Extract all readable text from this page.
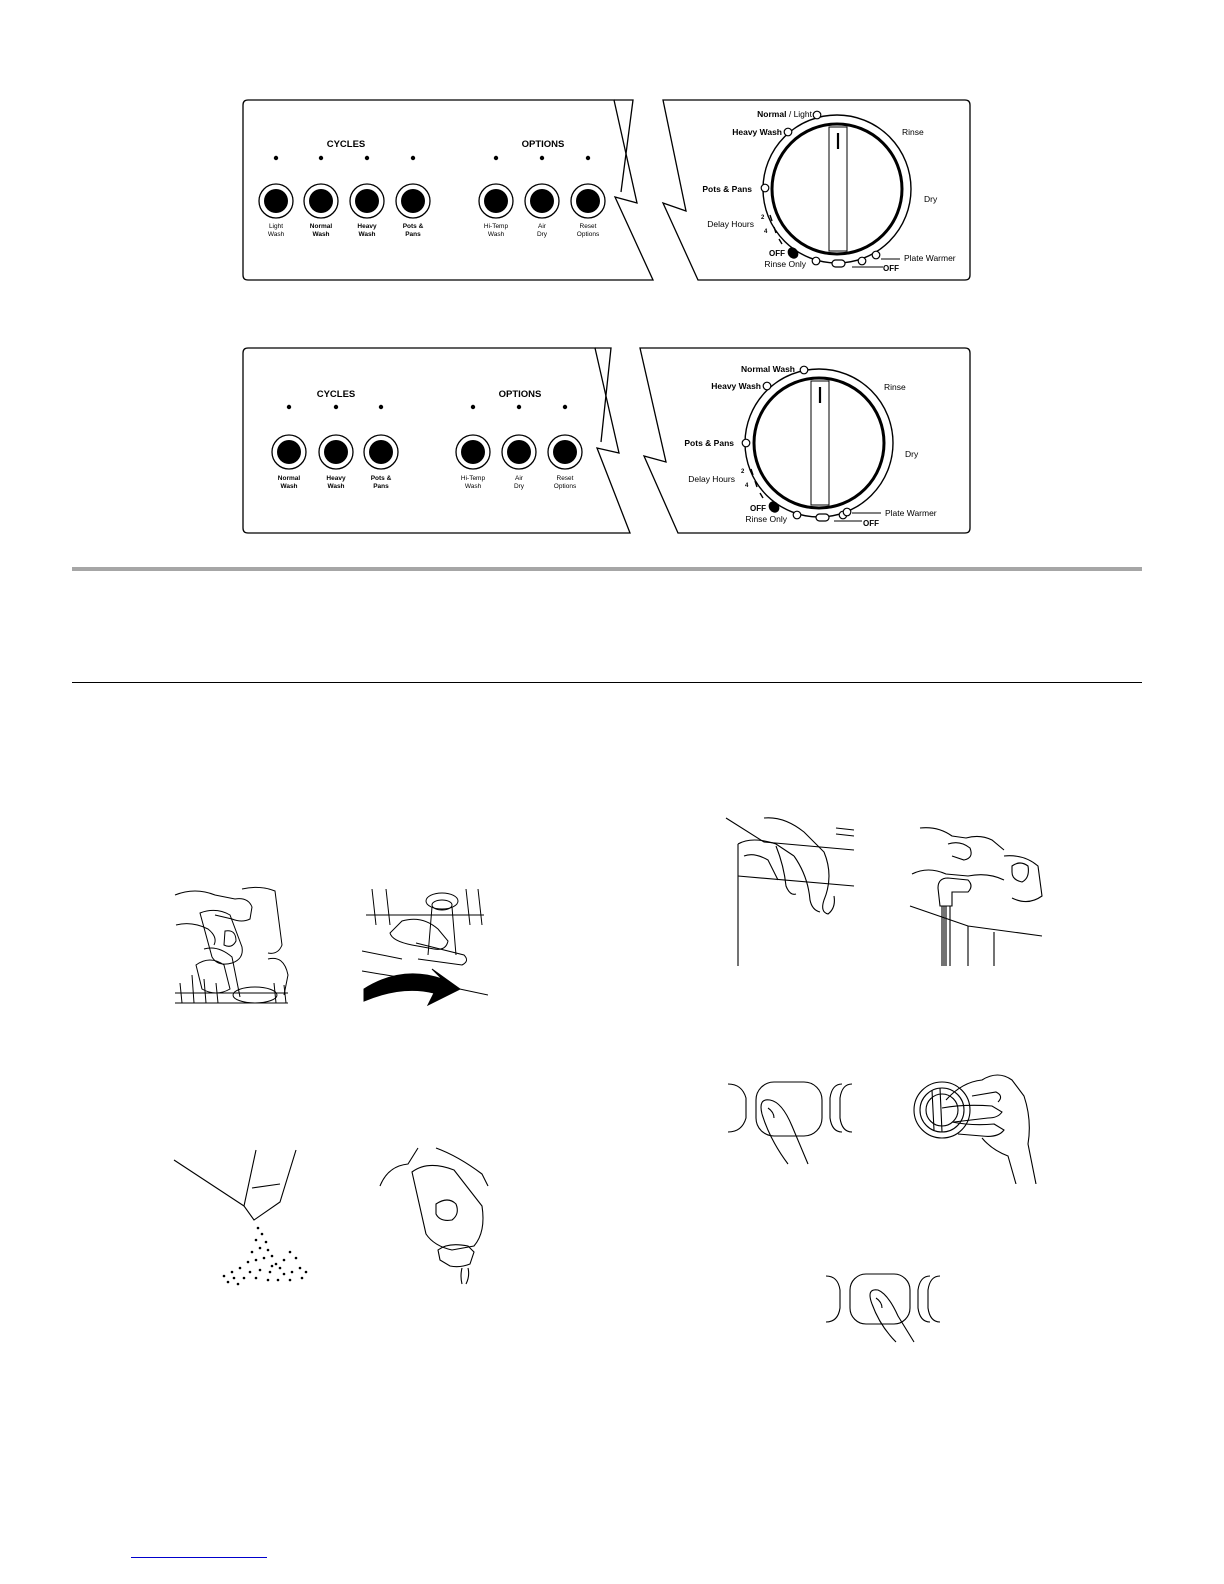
CYCLES	OPTIONS
Light
Wash
Normal
Wash
Heavy
Wash
Pots &
Pans
Hi-Temp
Wash
Air
Dry
Reset
Options
Normal / Light
Heavy Wash
Pots & Pans
Delay Hours
2
4
OFF
Rinse Only
Rinse
Dry
Plate Warmer
OFF
CYCLES	OPTIONS
Normal
Wash
Heavy
Wash
Pots &
Pans
Hi-Temp
Wash
Air
Dry
Reset
Options
Normal Wash
Heavy Wash
Pots & Pans
Delay Hours
2
4
OFF
Rinse Only
Rinse
Dry
Plate Warmer
OFF
